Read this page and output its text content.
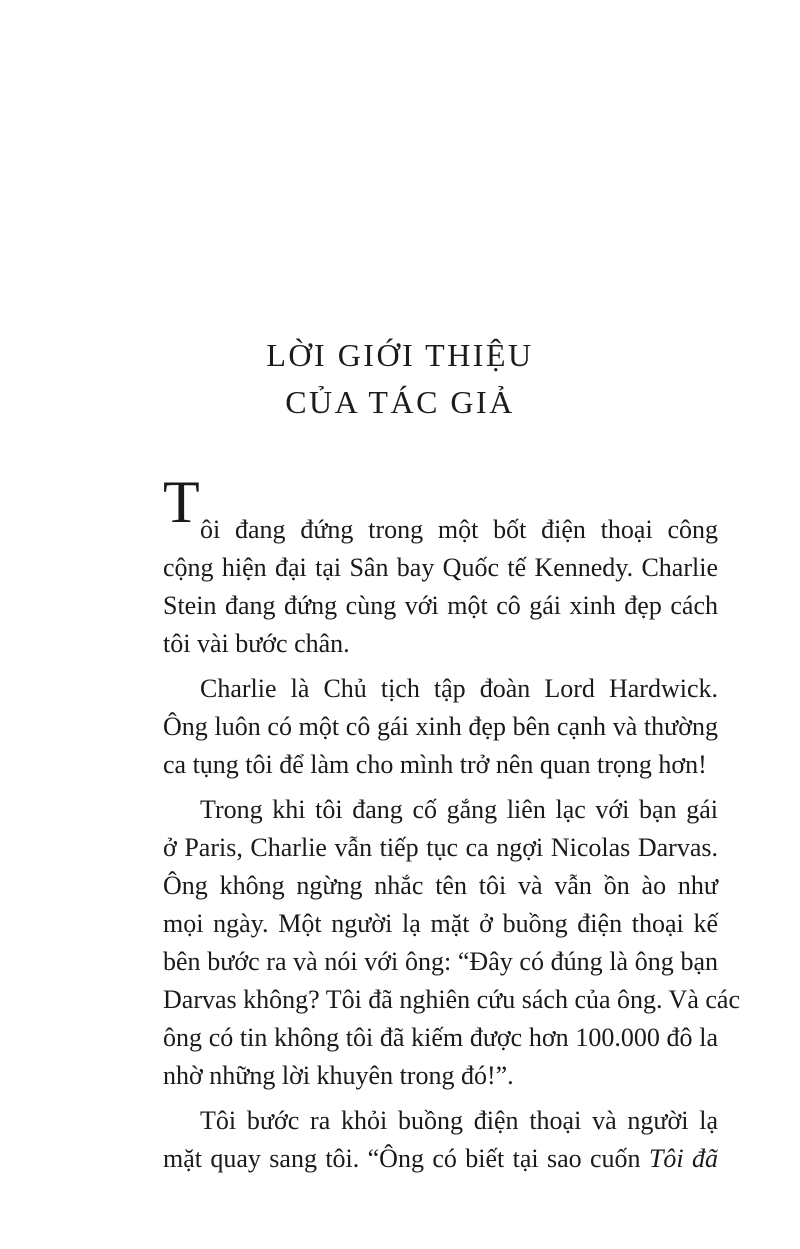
LỜI GIỚI THIỆU
CỦA TÁC GIẢ
T ôi đang đứng trong một bốt điện thoại công
cộng hiện đại tại Sân bay Quốc tế Kennedy. Charlie
Stein đang đứng cùng với một cô gái xinh đẹp cách
tôi vài bước chân.
Charlie là Chủ tịch tập đoàn Lord Hardwick.
Ông luôn có một cô gái xinh đẹp bên cạnh và thường
ca tụng tôi để làm cho mình trở nên quan trọng hơn!
Trong khi tôi đang cố gắng liên lạc với bạn gái
ở Paris, Charlie vẫn tiếp tục ca ngợi Nicolas Darvas.
Ông không ngừng nhắc tên tôi và vẫn ồn ào như
mọi ngày. Một người lạ mặt ở buồng điện thoại kế
bên bước ra và nói với ông: “Đây có đúng là ông bạn
Darvas không? Tôi đã nghiên cứu sách của ông. Và các
ông có tin không tôi đã kiếm được hơn 100.000 đô la
nhờ những lời khuyên trong đó!”.
Tôi bước ra khỏi buồng điện thoại và người lạ
mặt quay sang tôi. “Ông có biết tại sao cuốn Tôi đã
